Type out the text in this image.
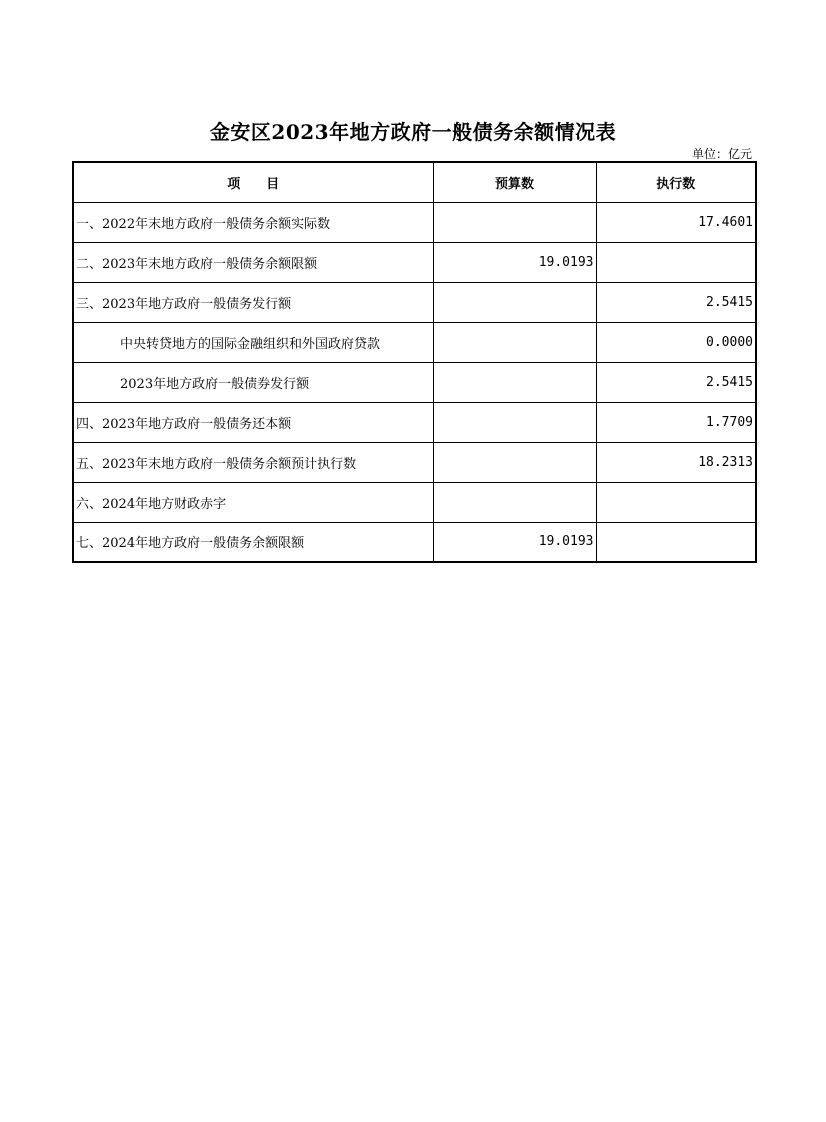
金安区2023年地方政府一般债务余额情况表
单位：亿元
项　　目	预算数	执行数
一、2022年末地方政府一般债务余额实际数		17.4601
二、2023年末地方政府一般债务余额限额	19.0193	
三、2023年地方政府一般债务发行额		2.5415
中央转贷地方的国际金融组织和外国政府贷款		0.0000
2023年地方政府一般债券发行额		2.5415
四、2023年地方政府一般债务还本额		1.7709
五、2023年末地方政府一般债务余额预计执行数		18.2313
六、2024年地方财政赤字		
七、2024年地方政府一般债务余额限额	19.0193	
